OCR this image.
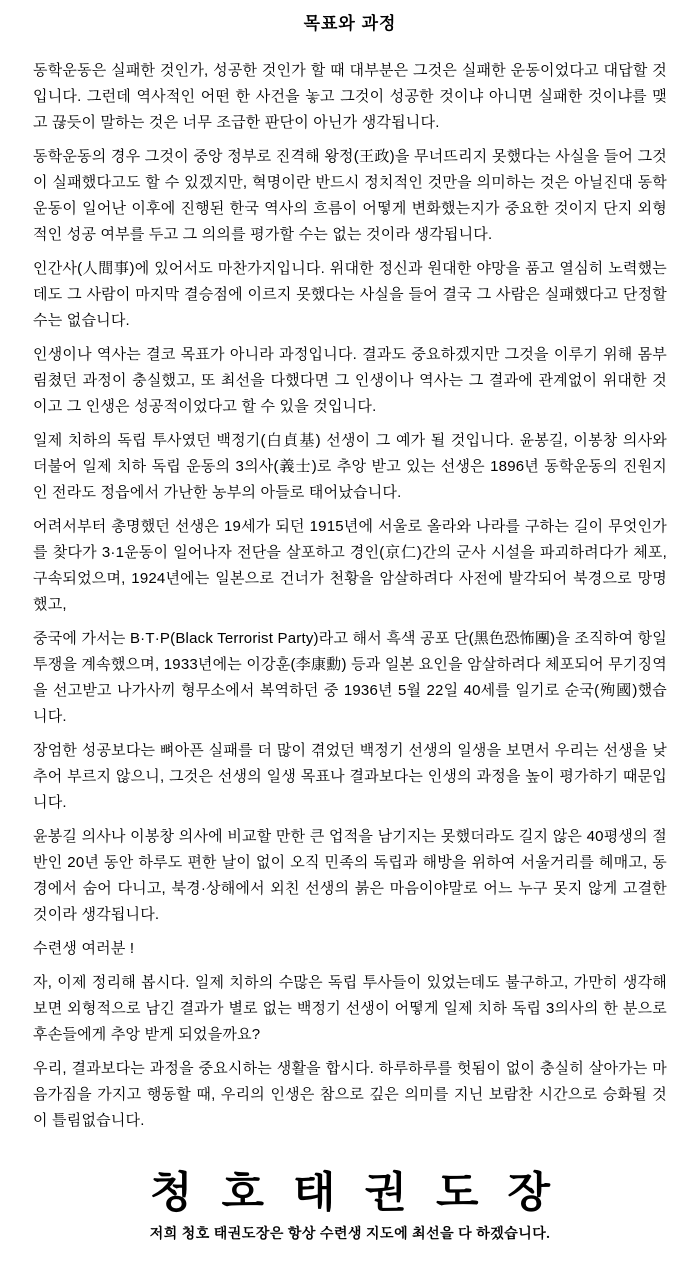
목표와 과정

동학운동은 실패한 것인가, 성공한 것인가 할 때 대부분은 그것은 실패한 운동이었다고 대답할 것입니다. 그런데 역사적인 어떤 한 사건을 놓고 그것이 성공한 것이냐 아니면 실패한 것이냐를 맺고 끊듯이 말하는 것은 너무 조급한 판단이 아닌가 생각됩니다.

동학운동의 경우 그것이 중앙 정부로 진격해 왕정(王政)을 무너뜨리지 못했다는 사실을 들어 그것이 실패했다고도 할 수 있겠지만, 혁명이란 반드시 정치적인 것만을 의미하는 것은 아닐진대 동학운동이 일어난 이후에 진행된 한국 역사의 흐름이 어떻게 변화했는지가 중요한 것이지 단지 외형적인 성공 여부를 두고 그 의의를 평가할 수는 없는 것이라 생각됩니다.

인간사(人間事)에 있어서도 마찬가지입니다. 위대한 정신과 원대한 야망을 품고 열심히 노력했는데도 그 사람이 마지막 결승점에 이르지 못했다는 사실을 들어 결국 그 사람은 실패했다고 단정할 수는 없습니다.

인생이나 역사는 결코 목표가 아니라 과정입니다. 결과도 중요하겠지만 그것을 이루기 위해 몸부림쳤던 과정이 충실했고, 또 최선을 다했다면 그 인생이나 역사는 그 결과에 관계없이 위대한 것이고 그 인생은 성공적이었다고 할 수 있을 것입니다.

일제 치하의 독립 투사였던 백정기(白貞基) 선생이 그 예가 될 것입니다. 윤봉길, 이봉창 의사와 더불어 일제 치하 독립 운동의 3의사(義士)로 추앙 받고 있는 선생은 1896년 동학운동의 진원지인 전라도 정읍에서 가난한 농부의 아들로 태어났습니다.

어려서부터 총명했던 선생은 19세가 되던 1915년에 서울로 올라와 나라를 구하는 길이 무엇인가를 찾다가 3·1운동이 일어나자 전단을 살포하고 경인(京仁)간의 군사 시설을 파괴하려다가 체포, 구속되었으며, 1924년에는 일본으로 건너가 천황을 암살하려다 사전에 발각되어 북경으로 망명했고,

중국에 가서는 B·T·P(Black Terrorist Party)라고 해서 흑색 공포 단(黑色恐怖團)을 조직하여 항일 투쟁을 계속했으며, 1933년에는 이강훈(李康勳) 등과 일본 요인을 암살하려다 체포되어 무기징역을 선고받고 나가사끼 형무소에서 복역하던 중 1936년 5월 22일 40세를 일기로 순국(殉國)했습니다.

장엄한 성공보다는 뼈아픈 실패를 더 많이 겪었던 백정기 선생의 일생을 보면서 우리는 선생을 낮추어 부르지 않으니, 그것은 선생의 일생 목표나 결과보다는 인생의 과정을 높이 평가하기 때문입니다.

윤봉길 의사나 이봉창 의사에 비교할 만한 큰 업적을 남기지는 못했더라도 길지 않은 40평생의 절반인 20년 동안 하루도 편한 날이 없이 오직 민족의 독립과 해방을 위하여 서울거리를 헤매고, 동경에서 숨어 다니고, 북경·상해에서 외친 선생의 붉은 마음이야말로 어느 누구 못지 않게 고결한 것이라 생각됩니다.

수련생 여러분 !

자, 이제 정리해 봅시다. 일제 치하의 수많은 독립 투사들이 있었는데도 불구하고, 가만히 생각해 보면 외형적으로 남긴 결과가 별로 없는 백정기 선생이 어떻게 일제 치하 독립 3의사의 한 분으로 후손들에게 추앙 받게 되었을까요?

우리, 결과보다는 과정을 중요시하는 생활을 합시다. 하루하루를 헛됨이 없이 충실히 살아가는 마음가짐을 가지고 행동할 때, 우리의 인생은 참으로 깊은 의미를 지닌 보람찬 시간으로 승화될 것이 틀림없습니다.

청 호 태 권 도 장
저희 청호 태권도장은 항상 수련생 지도에 최선을 다 하겠습니다.
